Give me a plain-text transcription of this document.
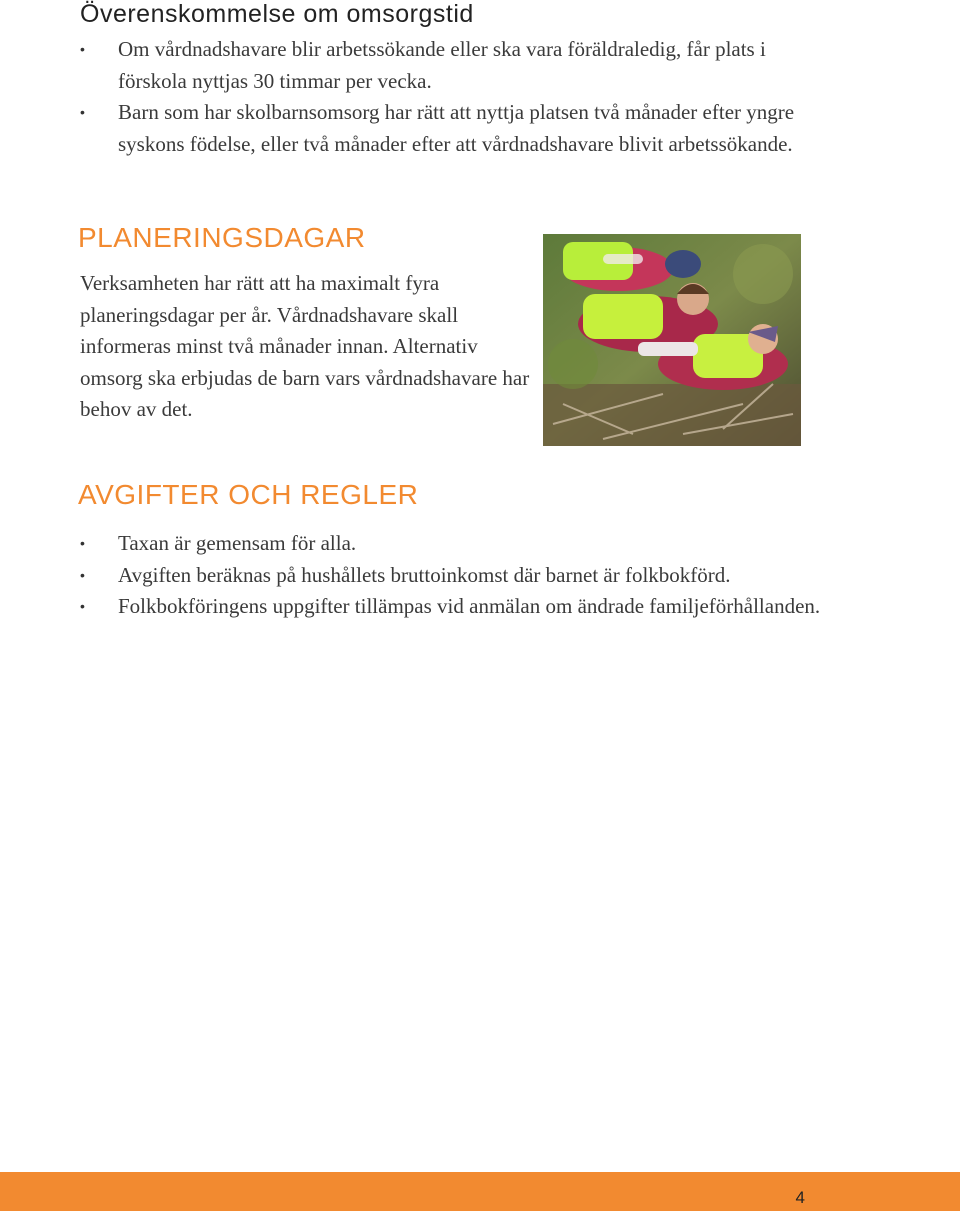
Överenskommelse om omsorgstid
• Om vårdnadshavare blir arbetssökande eller ska vara föräldraledig, får plats i förskola nyttjas 30 timmar per vecka.
• Barn som har skolbarnsomsorg har rätt att nyttja platsen två månader efter yngre syskons födelse, eller två månader efter att vårdnadshavare blivit arbetssökande.
PLANERINGSDAGAR

Verksamheten har rätt att ha maximalt fyra planeringsdagar per år. Vårdnadshavare skall informeras minst två månader innan. Alternativ omsorg ska erbjudas de barn vars vårdnadshavare har behov av det.

AVGIFTER OCH REGLER
• Taxan är gemensam för alla.
• Avgiften beräknas på hushållets bruttoinkomst där barnet är folkbokförd.
• Folkbokföringens uppgifter tillämpas vid anmälan om ändrade familjeförhållanden.
4
